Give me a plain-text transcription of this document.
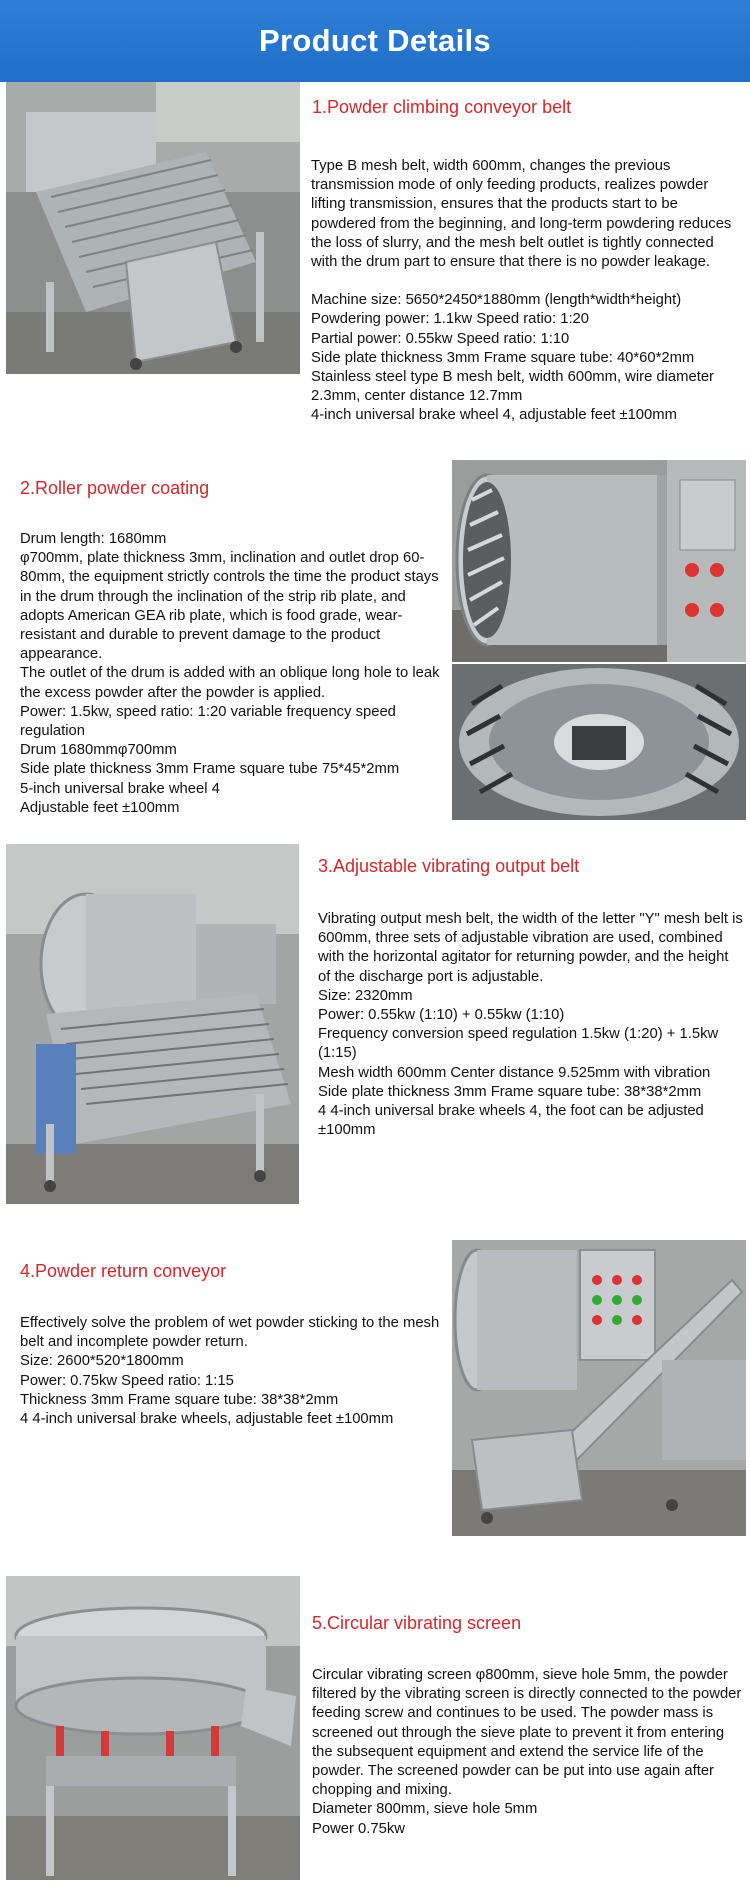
Product Details
1.Powder climbing conveyor belt

Type B mesh belt, width 600mm, changes the previous transmission mode of only feeding products, realizes powder lifting transmission, ensures that the products start to be powdered from the beginning, and long-term powdering reduces the loss of slurry, and the mesh belt outlet is tightly connected with the drum part to ensure that there is no powder leakage.

Machine size: 5650*2450*1880mm (length*width*height)

Powdering power: 1.1kw Speed ratio: 1:20

Partial power: 0.55kw Speed ratio: 1:10

Side plate thickness 3mm Frame square tube: 40*60*2mm

Stainless steel type B mesh belt, width 600mm, wire diameter 2.3mm, center distance 12.7mm

4-inch universal brake wheel 4, adjustable feet ±100mm

2.Roller powder coating

Drum length: 1680mm

φ700mm, plate thickness 3mm, inclination and outlet drop 60-80mm, the equipment strictly controls the time the product stays in the drum through the inclination of the strip rib plate, and adopts American GEA rib plate, which is food grade, wear-resistant and durable to prevent damage to the product appearance.

The outlet of the drum is added with an oblique long hole to leak the excess powder after the powder is applied.

Power: 1.5kw, speed ratio: 1:20 variable frequency speed regulation

Drum 1680mmφ700mm

Side plate thickness 3mm Frame square tube 75*45*2mm

5-inch universal brake wheel 4

Adjustable feet ±100mm

3.Adjustable vibrating output belt

Vibrating output mesh belt, the width of the letter "Y" mesh belt is 600mm, three sets of adjustable vibration are used, combined with the horizontal agitator for returning powder, and the height of the discharge port is adjustable.

Size: 2320mm

Power: 0.55kw (1:10) + 0.55kw (1:10)

Frequency conversion speed regulation 1.5kw (1:20) + 1.5kw (1:15)

Mesh width 600mm Center distance 9.525mm with vibration

Side plate thickness 3mm Frame square tube: 38*38*2mm

4 4-inch universal brake wheels 4, the foot can be adjusted ±100mm

4.Powder return conveyor

Effectively solve the problem of wet powder sticking to the mesh belt and incomplete powder return.

Size: 2600*520*1800mm

Power: 0.75kw Speed ratio: 1:15

Thickness 3mm Frame square tube: 38*38*2mm

4 4-inch universal brake wheels, adjustable feet ±100mm

5.Circular vibrating screen

Circular vibrating screen φ800mm, sieve hole 5mm, the powder filtered by the vibrating screen is directly connected to the powder feeding screw and continues to be used. The powder mass is screened out through the sieve plate to prevent it from entering the subsequent equipment and extend the service life of the powder. The screened powder can be put into use again after chopping and mixing.

Diameter 800mm, sieve hole 5mm

Power 0.75kw
